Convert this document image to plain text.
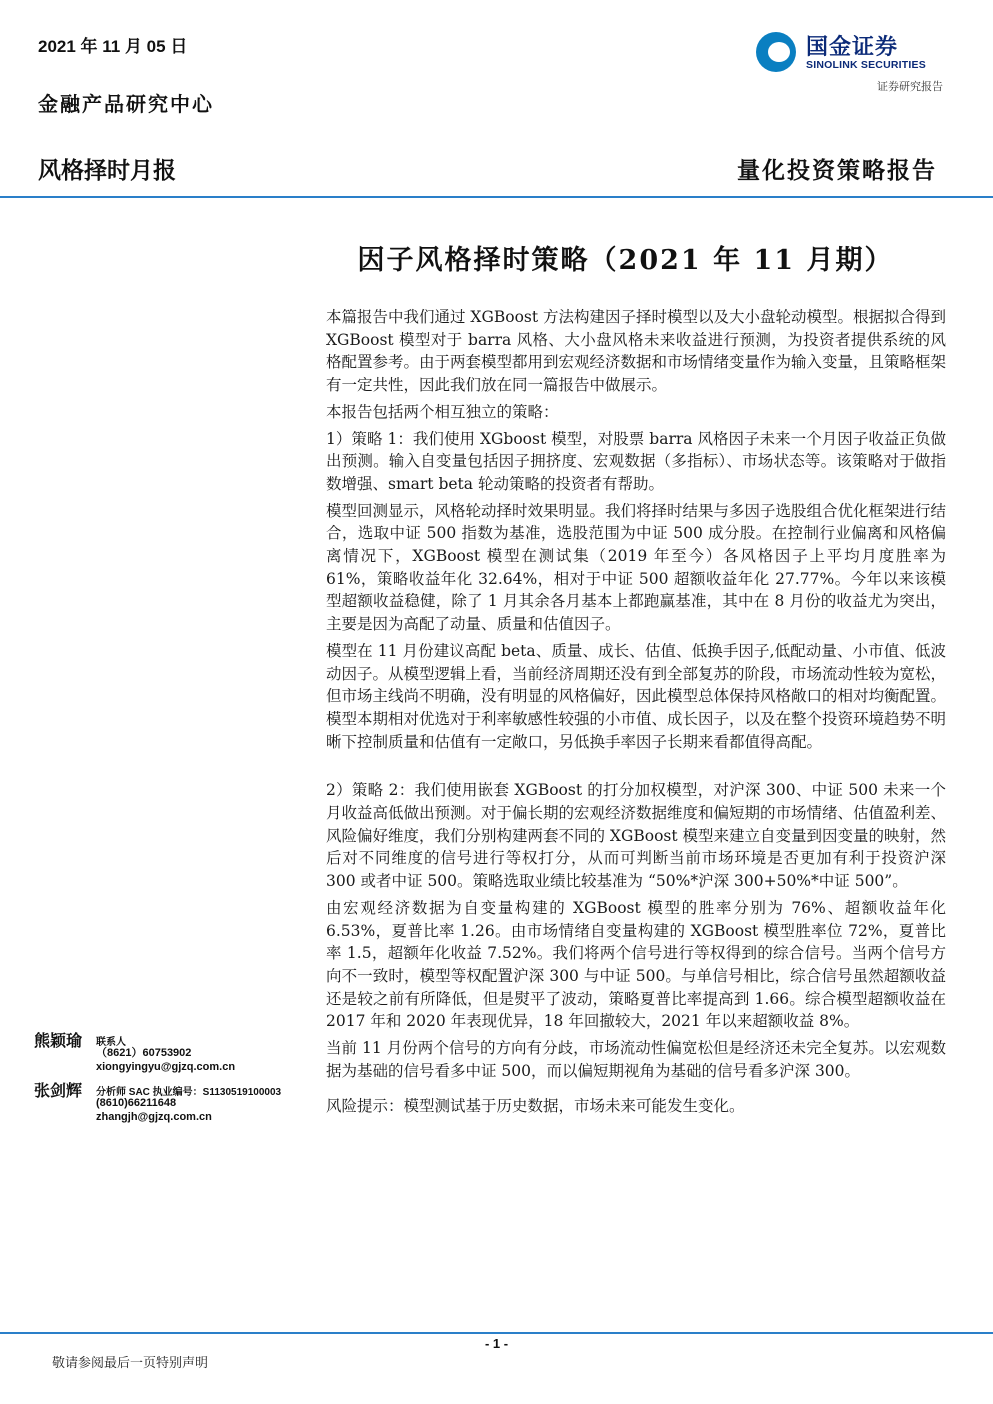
2021 年 11 月 05 日
金融产品研究中心
国金证券
SINOLINK SECURITIES
证券研究报告
风格择时月报	量化投资策略报告
因子风格择时策略（2021 年 11 月期）

本篇报告中我们通过 XGBoost 方法构建因子择时模型以及大小盘轮动模型。根据拟合得到 XGBoost 模型对于 barra 风格、大小盘风格未来收益进行预测，为投资者提供系统的风格配置参考。由于两套模型都用到宏观经济数据和市场情绪变量作为输入变量，且策略框架有一定共性，因此我们放在同一篇报告中做展示。

本报告包括两个相互独立的策略：

1）策略 1：我们使用 XGboost 模型，对股票 barra 风格因子未来一个月因子收益正负做出预测。输入自变量包括因子拥挤度、宏观数据（多指标）、市场状态等。该策略对于做指数增强、smart beta 轮动策略的投资者有帮助。

模型回测显示，风格轮动择时效果明显。我们将择时结果与多因子选股组合优化框架进行结合，选取中证 500 指数为基准，选股范围为中证 500 成分股。在控制行业偏离和风格偏离情况下，XGBoost 模型在测试集（2019 年至今）各风格因子上平均月度胜率为 61%，策略收益年化 32.64%，相对于中证 500 超额收益年化 27.77%。今年以来该模型超额收益稳健，除了 1 月其余各月基本上都跑赢基准，其中在 8 月份的收益尤为突出，主要是因为高配了动量、质量和估值因子。

模型在 11 月份建议高配 beta、质量、成长、估值、低换手因子,低配动量、小市值、低波动因子。从模型逻辑上看，当前经济周期还没有到全部复苏的阶段，市场流动性较为宽松，但市场主线尚不明确，没有明显的风格偏好，因此模型总体保持风格敞口的相对均衡配置。模型本期相对优选对于利率敏感性较强的小市值、成长因子，以及在整个投资环境趋势不明晰下控制质量和估值有一定敞口，另低换手率因子长期来看都值得高配。

2）策略 2：我们使用嵌套 XGBoost 的打分加权模型，对沪深 300、中证 500 未来一个月收益高低做出预测。对于偏长期的宏观经济数据维度和偏短期的市场情绪、估值盈利差、风险偏好维度，我们分别构建两套不同的 XGBoost 模型来建立自变量到因变量的映射，然后对不同维度的信号进行等权打分，从而可判断当前市场环境是否更加有利于投资沪深 300 或者中证 500。策略选取业绩比较基准为 “50%*沪深 300+50%*中证 500”。

由宏观经济数据为自变量构建的 XGBoost 模型的胜率分别为 76%、超额收益年化 6.53%，夏普比率 1.26。由市场情绪自变量构建的 XGBoost 模型胜率位 72%，夏普比率 1.5，超额年化收益 7.52%。我们将两个信号进行等权得到的综合信号。当两个信号方向不一致时，模型等权配置沪深 300 与中证 500。与单信号相比，综合信号虽然超额收益还是较之前有所降低，但是熨平了波动，策略夏普比率提高到 1.66。综合模型超额收益在 2017 年和 2020 年表现优异，18 年回撤较大，2021 年以来超额收益 8%。

当前 11 月份两个信号的方向有分歧，市场流动性偏宽松但是经济还未完全复苏。以宏观数据为基础的信号看多中证 500，而以偏短期视角为基础的信号看多沪深 300。

风险提示：模型测试基于历史数据，市场未来可能发生变化。

熊颖瑜 联系人
（8621）60753902
xiongyingyu@gjzq.com.cn
张剑辉 分析师 SAC 执业编号：S1130519100003
(8610)66211648
zhangjh@gjzq.com.cn
- 1 -
敬请参阅最后一页特别声明
